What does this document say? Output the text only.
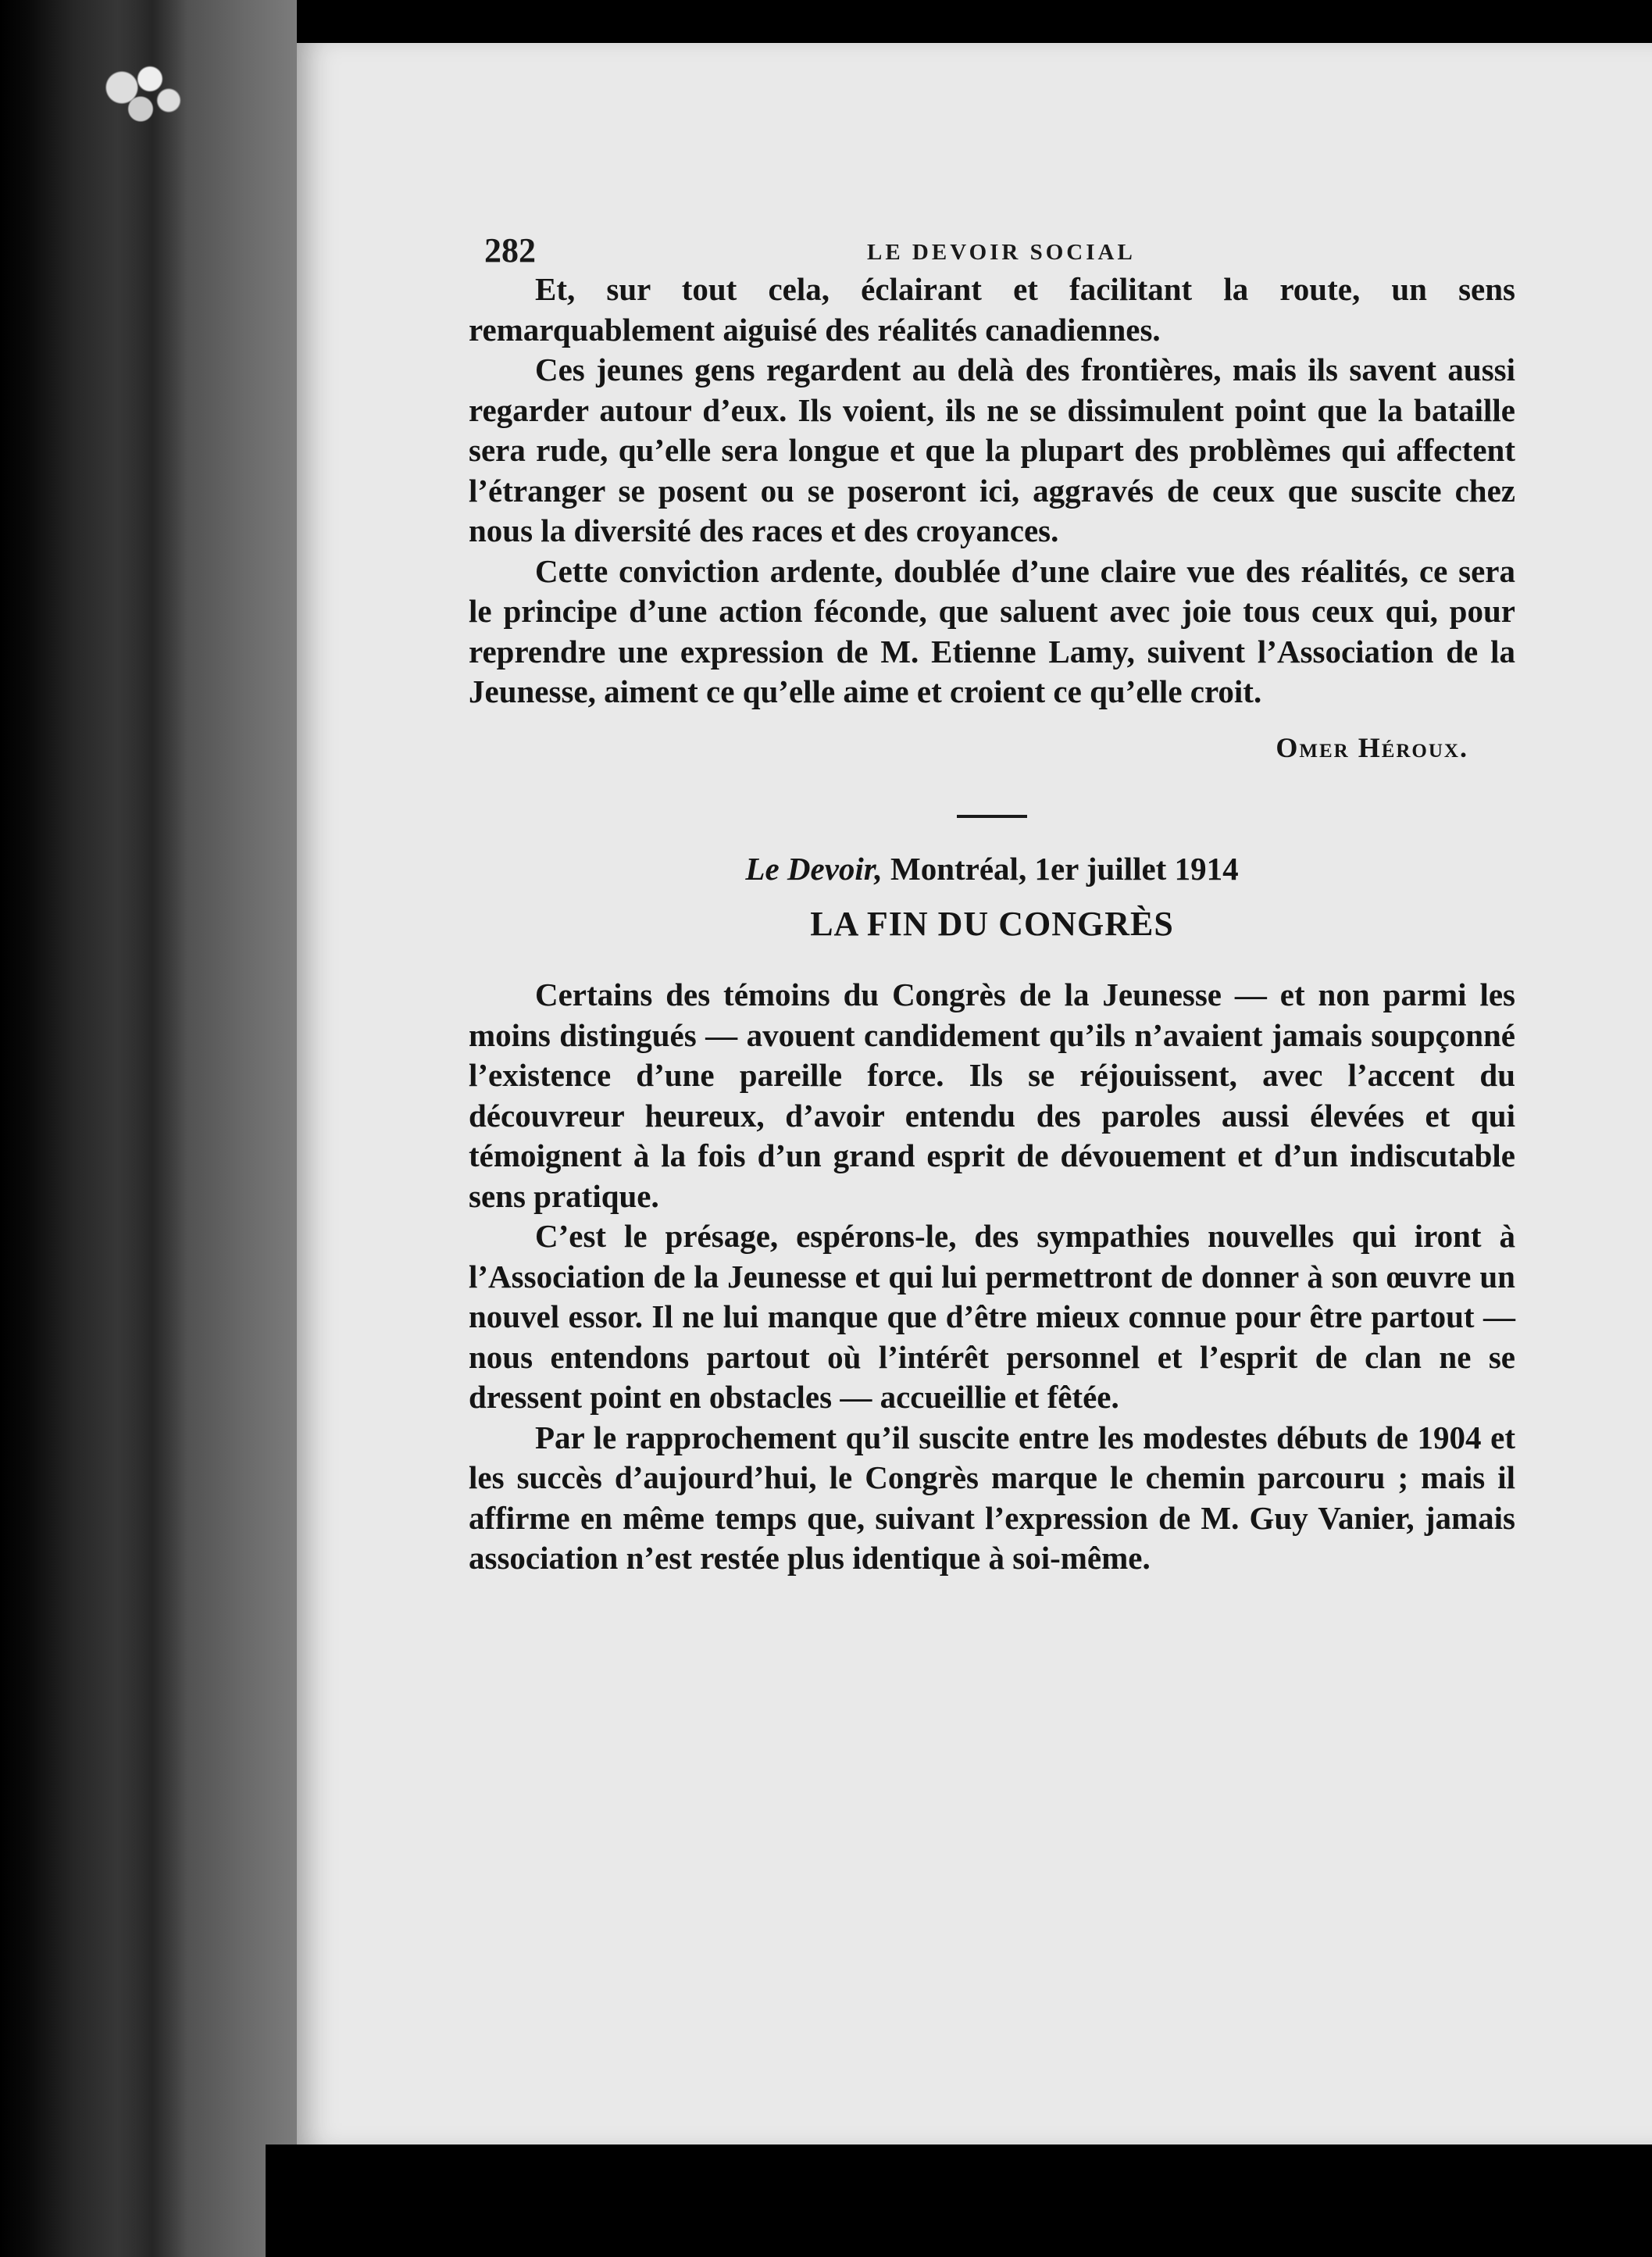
282	LE DEVOIR SOCIAL

Et, sur tout cela, éclairant et facilitant la route, un sens remarquablement aiguisé des réalités canadiennes.

Ces jeunes gens regardent au delà des frontières, mais ils savent aussi regarder autour d’eux. Ils voient, ils ne se dissimulent point que la bataille sera rude, qu’elle sera longue et que la plupart des problèmes qui affectent l’étranger se posent ou se poseront ici, aggravés de ceux que suscite chez nous la diversité des races et des croyances.

Cette conviction ardente, doublée d’une claire vue des réalités, ce sera le principe d’une action féconde, que saluent avec joie tous ceux qui, pour reprendre une expression de M. Etienne Lamy, suivent l’Association de la Jeunesse, aiment ce qu’elle aime et croient ce qu’elle croit.

Omer Héroux.

Le Devoir, Montréal, 1er juillet 1914

LA FIN DU CONGRÈS

Certains des témoins du Congrès de la Jeunesse — et non parmi les moins distingués — avouent candidement qu’ils n’avaient jamais soupçonné l’existence d’une pareille force. Ils se réjouissent, avec l’accent du découvreur heureux, d’avoir entendu des paroles aussi élevées et qui témoignent à la fois d’un grand esprit de dévouement et d’un indiscutable sens pratique.

C’est le présage, espérons-le, des sympathies nouvelles qui iront à l’Association de la Jeunesse et qui lui permettront de donner à son œuvre un nouvel essor. Il ne lui manque que d’être mieux connue pour être partout — nous entendons partout où l’intérêt personnel et l’esprit de clan ne se dressent point en obstacles — accueillie et fêtée.

Par le rapprochement qu’il suscite entre les modestes débuts de 1904 et les succès d’aujourd’hui, le Congrès marque le chemin parcouru ; mais il affirme en même temps que, suivant l’expression de M. Guy Vanier, jamais association n’est restée plus identique à soi-même.
